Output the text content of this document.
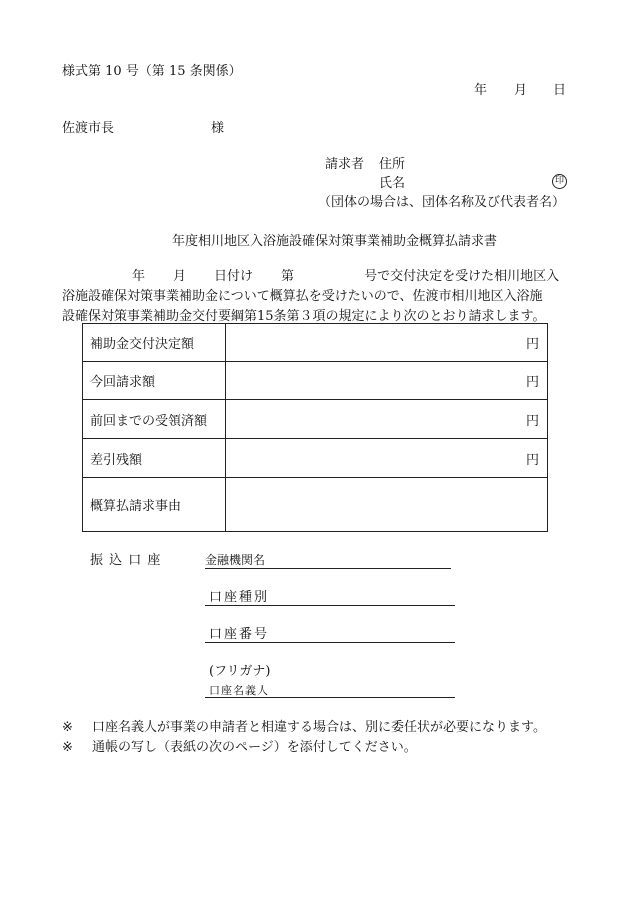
様式第 10 号（第 15 条関係）
年 月 日
佐渡市長	様
請求者 住所
氏名	印
（団体の場合は、団体名称及び代表者名）
年度相川地区入浴施設確保対策事業補助金概算払請求書
年 月 日付け 第	号で交付決定を受けた相川地区入
浴施設確保対策事業補助金について概算払を受けたいので、佐渡市相川地区入浴施
設確保対策事業補助金交付要綱第15条第３項の規定により次のとおり請求します。
補助金交付決定額	円
今回請求額	円
前回までの受領済額	円
差引残額	円
概算払請求事由	
振 込 口 座	金融機関名
口座種別
口座番号
(フリガナ)
口座名義人
※ 口座名義人が事業の申請者と相違する場合は、別に委任状が必要になります。
※ 通帳の写し（表紙の次のページ）を添付してください。
